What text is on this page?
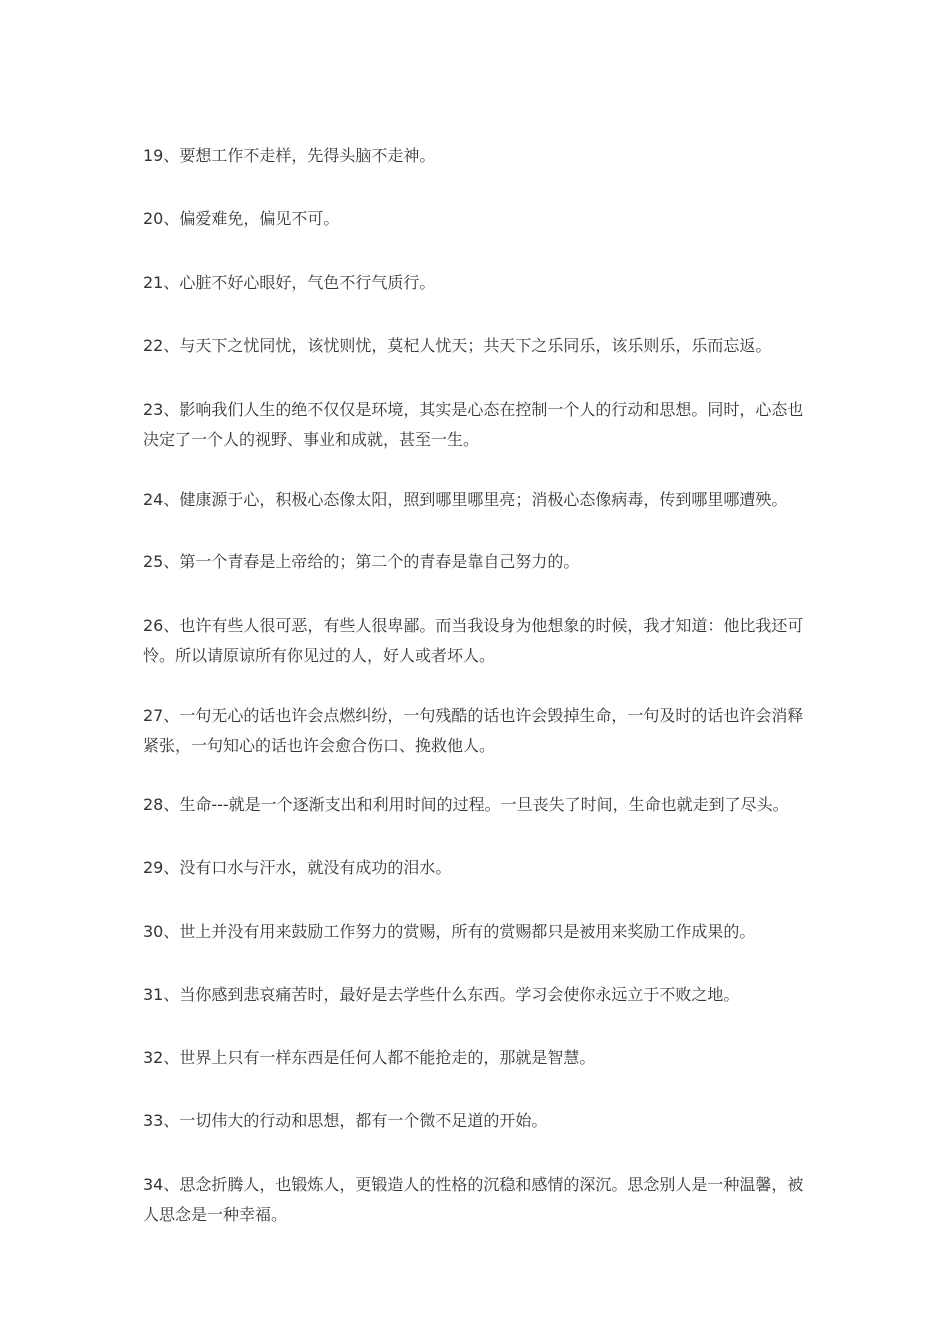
19、要想工作不走样，先得头脑不走神。

20、偏爱难免，偏见不可。

21、心脏不好心眼好，气色不行气质行。

22、与天下之忧同忧，该忧则忧，莫杞人忧天；共天下之乐同乐，该乐则乐，乐而忘返。

23、影响我们人生的绝不仅仅是环境，其实是心态在控制一个人的行动和思想。同时，心态也决定了一个人的视野、事业和成就，甚至一生。

24、健康源于心，积极心态像太阳，照到哪里哪里亮；消极心态像病毒，传到哪里哪遭殃。

25、第一个青春是上帝给的；第二个的青春是靠自己努力的。

26、也许有些人很可恶，有些人很卑鄙。而当我设身为他想象的时候，我才知道：他比我还可怜。所以请原谅所有你见过的人，好人或者坏人。

27、一句无心的话也许会点燃纠纷，一句残酷的话也许会毁掉生命，一句及时的话也许会消释紧张，一句知心的话也许会愈合伤口、挽救他人。

28、生命---就是一个逐渐支出和利用时间的过程。一旦丧失了时间，生命也就走到了尽头。

29、没有口水与汗水，就没有成功的泪水。

30、世上并没有用来鼓励工作努力的赏赐，所有的赏赐都只是被用来奖励工作成果的。

31、当你感到悲哀痛苦时，最好是去学些什么东西。学习会使你永远立于不败之地。

32、世界上只有一样东西是任何人都不能抢走的，那就是智慧。

33、一切伟大的行动和思想，都有一个微不足道的开始。

34、思念折腾人，也锻炼人，更锻造人的性格的沉稳和感情的深沉。思念别人是一种温馨，被人思念是一种幸福。
